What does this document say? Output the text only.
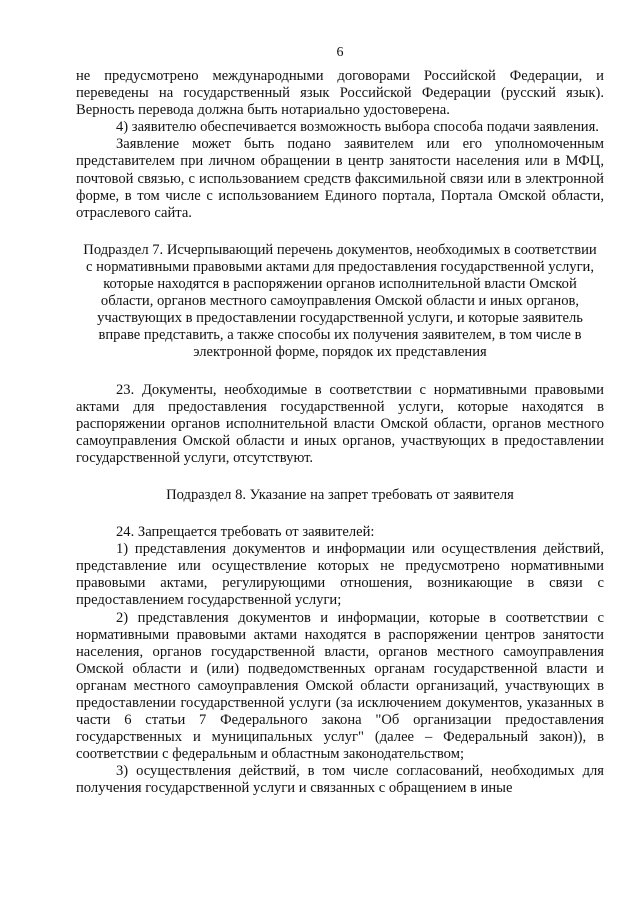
6

не предусмотрено международными договорами Российской Федерации, и переведены на государственный язык Российской Федерации (русский язык). Верность перевода должна быть нотариально удостоверена.

4) заявителю обеспечивается возможность выбора способа подачи заявления.

Заявление может быть подано заявителем или его уполномоченным представителем при личном обращении в центр занятости населения или в МФЦ, почтовой связью, с использованием средств факсимильной связи или в электронной форме, в том числе с использованием Единого портала, Портала Омской области, отраслевого сайта.

Подраздел 7. Исчерпывающий перечень документов, необходимых в соответствии с нормативными правовыми актами для предоставления государственной услуги, которые находятся в распоряжении органов исполнительной власти Омской области, органов местного самоуправления Омской области и иных органов, участвующих в предоставлении государственной услуги, и которые заявитель вправе представить, а также способы их получения заявителем, в том числе в электронной форме, порядок их представления

23. Документы, необходимые в соответствии с нормативными правовыми актами для предоставления государственной услуги, которые находятся в распоряжении органов исполнительной власти Омской области, органов местного самоуправления Омской области и иных органов, участвующих в предоставлении государственной услуги, отсутствуют.

Подраздел 8. Указание на запрет требовать от заявителя

24. Запрещается требовать от заявителей:

1) представления документов и информации или осуществления действий, представление или осуществление которых не предусмотрено нормативными правовыми актами, регулирующими отношения, возникающие в связи с предоставлением государственной услуги;

2) представления документов и информации, которые в соответствии с нормативными правовыми актами находятся в распоряжении центров занятости населения, органов государственной власти, органов местного самоуправления Омской области и (или) подведомственных органам государственной власти и органам местного самоуправления Омской области организаций, участвующих в предоставлении государственной услуги (за исключением документов, указанных в части 6 статьи 7 Федерального закона "Об организации предоставления государственных и муниципальных услуг" (далее – Федеральный закон)), в соответствии с федеральным и областным законодательством;

3) осуществления действий, в том числе согласований, необходимых для получения государственной услуги и связанных с обращением в иные
